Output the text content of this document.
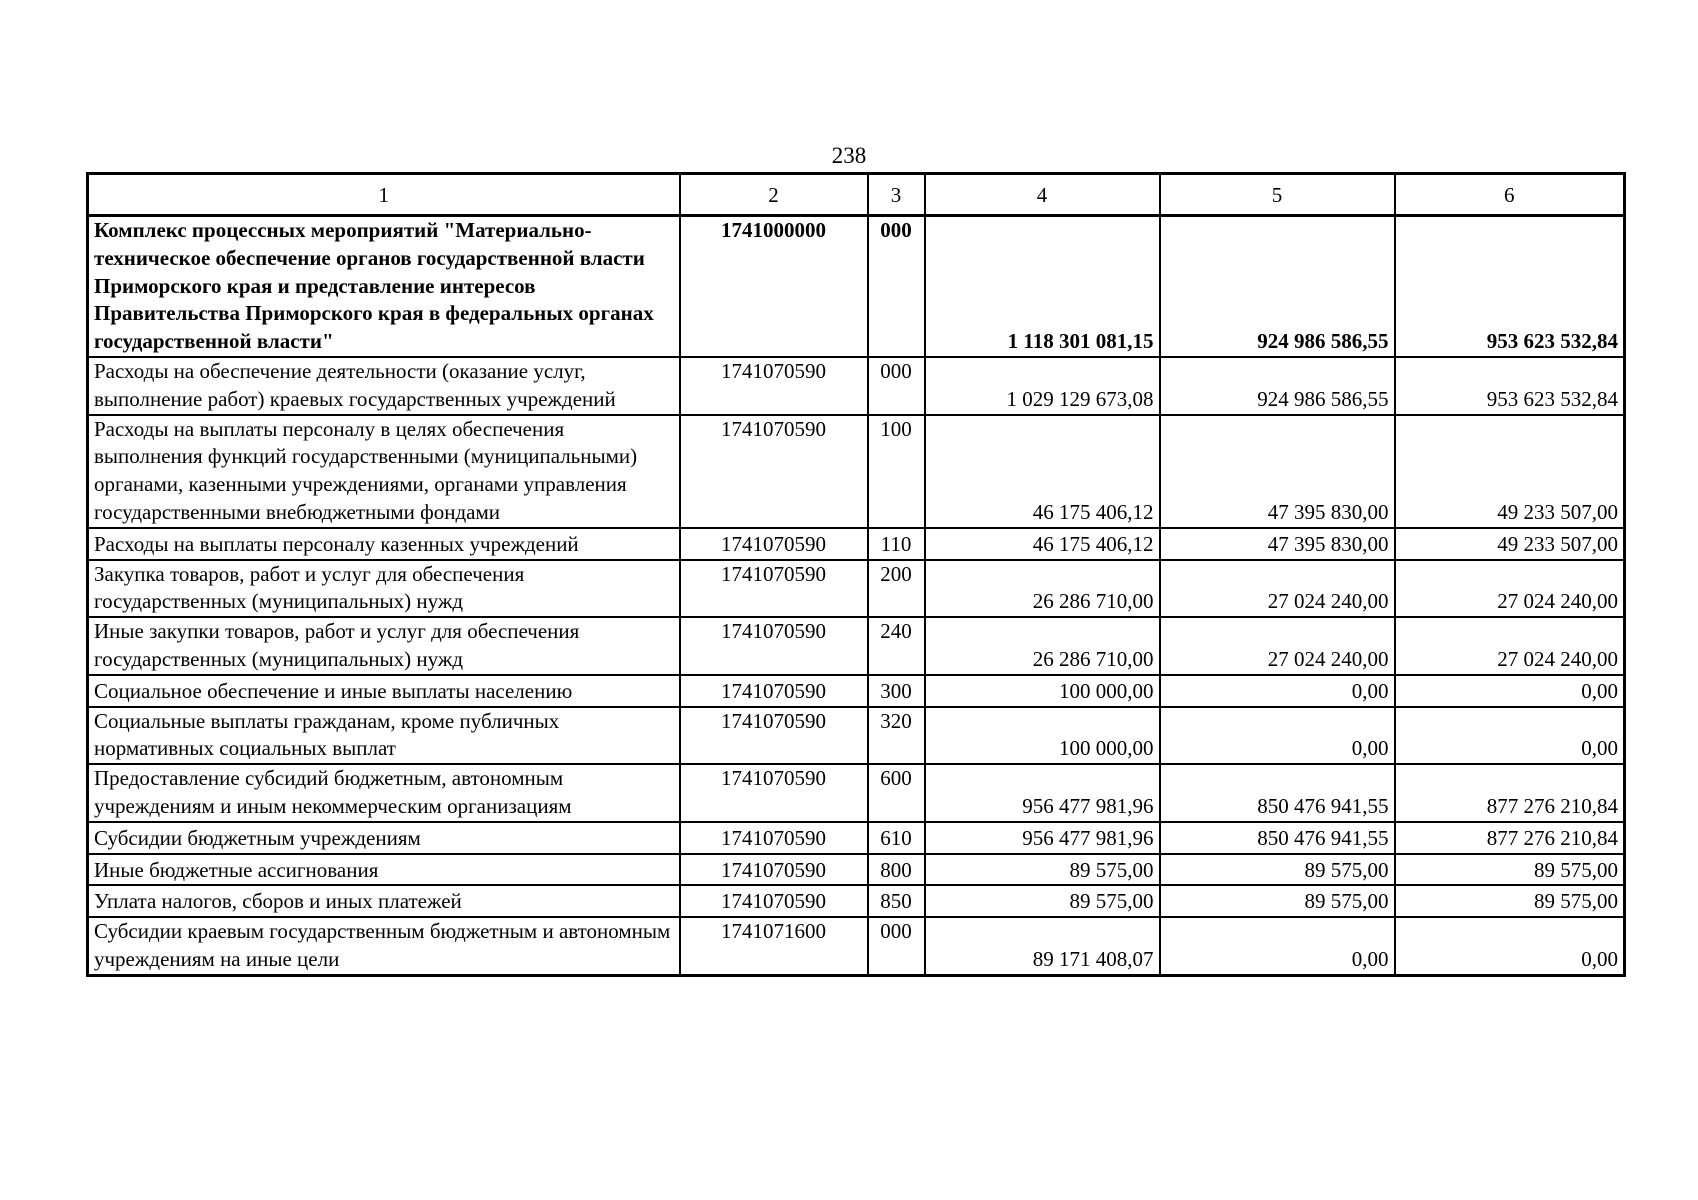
238
1	2	3	4	5	6
Комплекс процессных мероприятий "Материально-техническое обеспечение органов государственной власти Приморского края и представление интересов Правительства Приморского края в федеральных органах государственной власти"	1741000000	000	1 118 301 081,15	924 986 586,55	953 623 532,84
Расходы на обеспечение деятельности (оказание услуг, выполнение работ) краевых государственных учреждений	1741070590	000	1 029 129 673,08	924 986 586,55	953 623 532,84
Расходы на выплаты персоналу в целях обеспечения выполнения функций государственными (муниципальными) органами, казенными учреждениями, органами управления государственными внебюджетными фондами	1741070590	100	46 175 406,12	47 395 830,00	49 233 507,00
Расходы на выплаты персоналу казенных учреждений	1741070590	110	46 175 406,12	47 395 830,00	49 233 507,00
Закупка товаров, работ и услуг для обеспечения государственных (муниципальных) нужд	1741070590	200	26 286 710,00	27 024 240,00	27 024 240,00
Иные закупки товаров, работ и услуг для обеспечения государственных (муниципальных) нужд	1741070590	240	26 286 710,00	27 024 240,00	27 024 240,00
Социальное обеспечение и иные выплаты населению	1741070590	300	100 000,00	0,00	0,00
Социальные выплаты гражданам, кроме публичных нормативных социальных выплат	1741070590	320	100 000,00	0,00	0,00
Предоставление субсидий бюджетным, автономным учреждениям и иным некоммерческим организациям	1741070590	600	956 477 981,96	850 476 941,55	877 276 210,84
Субсидии бюджетным учреждениям	1741070590	610	956 477 981,96	850 476 941,55	877 276 210,84
Иные бюджетные ассигнования	1741070590	800	89 575,00	89 575,00	89 575,00
Уплата налогов, сборов и иных платежей	1741070590	850	89 575,00	89 575,00	89 575,00
Субсидии краевым государственным бюджетным и автономным учреждениям на иные цели	1741071600	000	89 171 408,07	0,00	0,00
